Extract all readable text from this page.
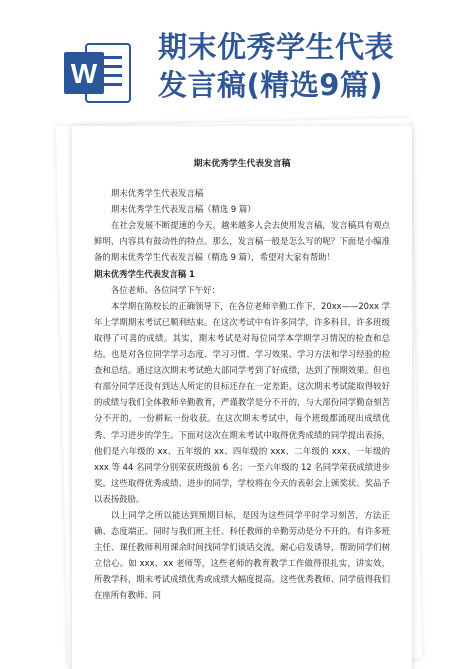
W
期末优秀学生代表
发言稿(精选9篇)
期末优秀学生代表发言稿

期末优秀学生代表发言稿

期末优秀学生代表发言稿（精选 9 篇）

在社会发展不断提速的今天，越来越多人会去使用发言稿，发言稿具有观点鲜明，内容具有鼓动性的特点。那么，发言稿一般是怎么写的呢？下面是小编准备的期末优秀学生代表发言稿（精选 9 篇），希望对大家有帮助！

期末优秀学生代表发言稿 1

各位老师、各位同学下午好：

本学期在陈校长的正确领导下，在各位老师辛勤工作下，20xx——20xx 学年上学期期末考试已顺利结束。在这次考试中有许多同学，许多科目，许多班级取得了可喜的成绩。其实，期末考试是对每位同学本学期学习情况的检查和总结。也是对各位同学学习态度、学习习惯、学习效果、学习方法和学习经验的检查和总结。通过这次期末考试绝大部同学考到了好成绩，达到了预期效果。但也有部分同学还没有到达人所定的目标还存在一定差距。这次期末考试能取得较好的成绩与我们全体教师辛勤教育，严谨教学是分不开的，与大部份同学勤奋刻苦分不开的，一份耕耘一份收获。在这次期末考试中，每个班级都涌现出成绩优秀、学习进步的学生。下面对这次在期末考试中取得优秀成绩的同学提出表扬，他们是六年级的 xx、五年级的 xx、四年级的 xxx、二年级的 xxx、一年级的 xxx 等 44 名同学分别荣获班级前 6 名；一至六年级的 12 名同学荣获成绩进步奖。这些取得优秀成绩、进步的同学，学校将在今天的表彰会上颁奖状、奖品予以表扬鼓励。

以上同学之所以能达到预期目标，是因为这些同学平时学习刻苦，方法正确、态度端正。同时与我们班主任、科任教师的辛勤劳动是分不开的。有许多班主任、课任教师利用课余时间找同学们谈话交流，耐心启发诱导，帮助同学们树立信心。如 xxx、xx 老师等，这些老师的教育教学工作做得很扎实，讲实效，所教学科，期末考试成绩优秀或成绩大幅度提高。这些优秀教师、同学值得我们在座所有教师、同
